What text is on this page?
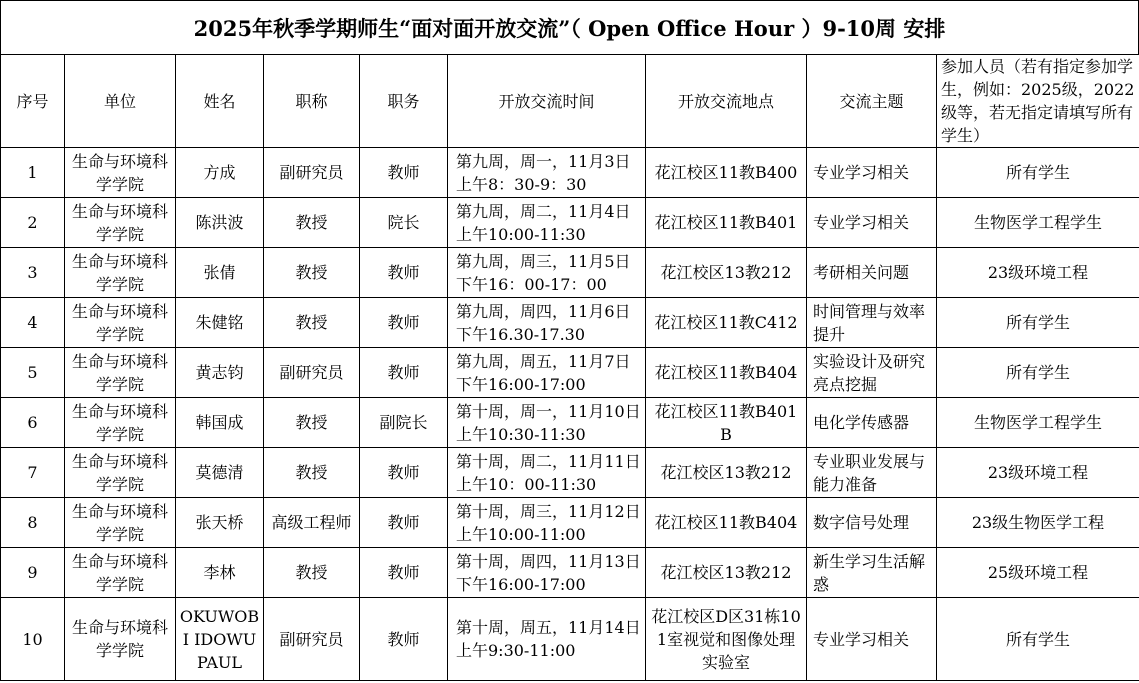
2025年秋季学期师生“面对面开放交流”（ Open Office Hour ）9-10周 安排
序号	单位	姓名	职称	职务	开放交流时间	开放交流地点	交流主题	参加人员（若有指定参加学生，例如：2025级，2022级等，若无指定请填写所有学生）
1	生命与环境科学学院	方成	副研究员	教师	第九周，周一，11月3日上午8：30-9：30	花江校区11教B400	专业学习相关	所有学生
2	生命与环境科学学院	陈洪波	教授	院长	第九周，周二，11月4日上午10:00-11:30	花江校区11教B401	专业学习相关	生物医学工程学生
3	生命与环境科学学院	张倩	教授	教师	第九周，周三，11月5日下午16：00-17：00	花江校区13教212	考研相关问题	23级环境工程
4	生命与环境科学学院	朱健铭	教授	教师	第九周，周四，11月6日下午16.30-17.30	花江校区11教C412	时间管理与效率提升	所有学生
5	生命与环境科学学院	黄志钧	副研究员	教师	第九周，周五，11月7日下午16:00-17:00	花江校区11教B404	实验设计及研究亮点挖掘	所有学生
6	生命与环境科学学院	韩国成	教授	副院长	第十周，周一，11月10日上午10:30-11:30	花江校区11教B401B	电化学传感器	生物医学工程学生
7	生命与环境科学学院	莫德清	教授	教师	第十周，周二，11月11日上午10：00-11:30	花江校区13教212	专业职业发展与能力准备	23级环境工程
8	生命与环境科学学院	张天桥	高级工程师	教师	第十周，周三，11月12日上午10:00-11:00	花江校区11教B404	数字信号处理	23级生物医学工程
9	生命与环境科学学院	李林	教授	教师	第十周，周四，11月13日下午16:00-17:00	花江校区13教212	新生学习生活解惑	25级环境工程
10	生命与环境科学学院	OKUWOBI IDOWU PAUL	副研究员	教师	第十周，周五，11月14日上午9:30-11:00	花江校区D区31栋101室视觉和图像处理实验室	专业学习相关	所有学生
